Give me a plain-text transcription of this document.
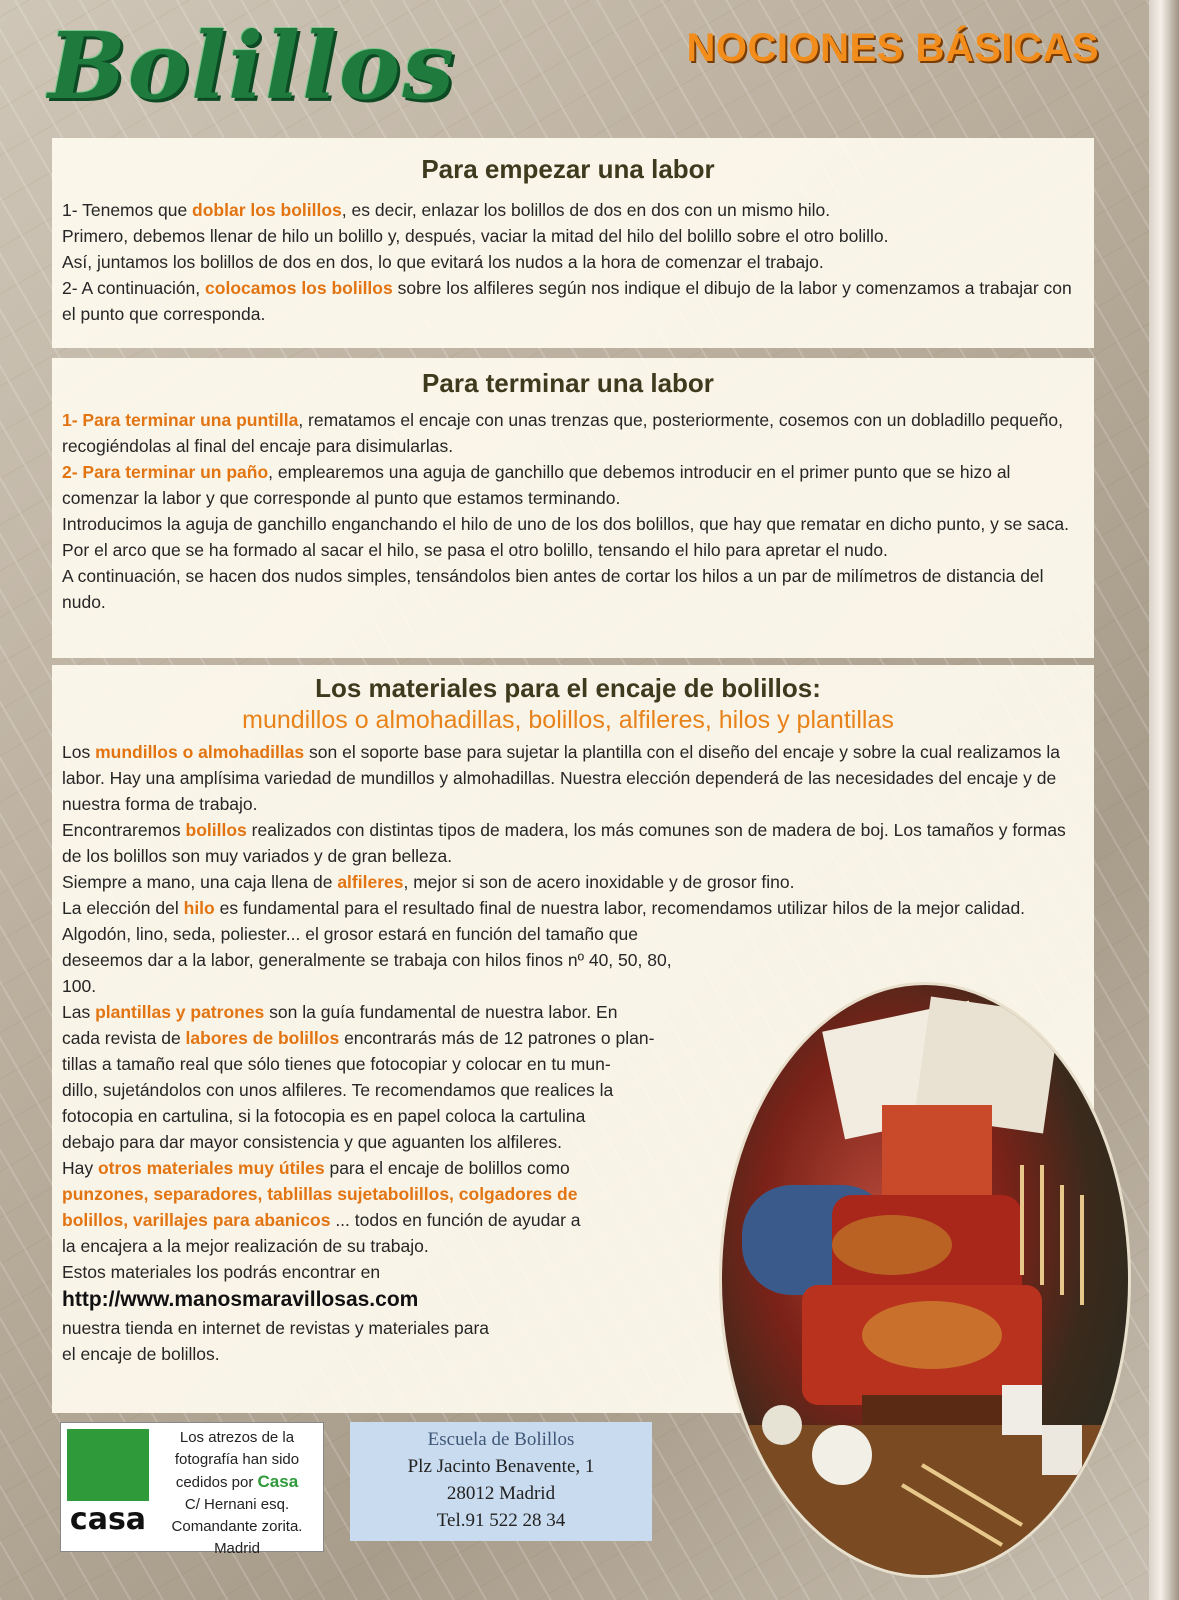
Bolillos	NOCIONES BÁSICAS
Para empezar una labor

1- Tenemos que doblar los bolillos, es decir, enlazar los bolillos de dos en dos con un mismo hilo.

Primero, debemos llenar de hilo un bolillo y, después, vaciar la mitad del hilo del bolillo sobre el otro bolillo.

Así, juntamos los bolillos de dos en dos, lo que evitará los nudos a la hora de comenzar el trabajo.

2- A continuación, colocamos los bolillos sobre los alfileres según nos indique el dibujo de la labor y comenzamos a trabajar con el punto que corresponda.

Para terminar una labor

1- Para terminar una puntilla, rematamos el encaje con unas trenzas que, posteriormente, cosemos con un dobladillo pequeño, recogiéndolas al final del encaje para disimularlas.

2- Para terminar un paño, emplearemos una aguja de ganchillo que debemos introducir en el primer punto que se hizo al comenzar la labor y que corresponde al punto que estamos terminando.

Introducimos la aguja de ganchillo enganchando el hilo de uno de los dos bolillos, que hay que rematar en dicho punto, y se saca. Por el arco que se ha formado al sacar el hilo, se pasa el otro bolillo, tensando el hilo para apretar el nudo.

A continuación, se hacen dos nudos simples, tensándolos bien antes de cortar los hilos a un par de milímetros de distancia del nudo.

Los materiales para el encaje de bolillos:
mundillos o almohadillas, bolillos, alfileres, hilos y plantillas

Los mundillos o almohadillas son el soporte base para sujetar la plantilla con el diseño del encaje y sobre la cual realizamos la labor. Hay una amplísima variedad de mundillos y almohadillas. Nuestra elección dependerá de las necesidades del encaje y de nuestra forma de trabajo.

Encontraremos bolillos realizados con distintas tipos de madera, los más comunes son de madera de boj. Los tamaños y formas de los bolillos son muy variados y de gran belleza.

Siempre a mano, una caja llena de alfileres, mejor si son de acero inoxidable y de grosor fino.

La elección del hilo es fundamental para el resultado final de nuestra labor, recomendamos utilizar hilos de la mejor calidad. Algodón, lino, seda, poliester... el grosor estará en función del tamaño que

deseemos dar a la labor, generalmente se trabaja con hilos finos nº 40, 50, 80,

100.

Las plantillas y patrones son la guía fundamental de nuestra labor. En

cada revista de labores de bolillos encontrarás más de 12 patrones o plan-

tillas a tamaño real que sólo tienes que fotocopiar y colocar en tu mun-

dillo, sujetándolos con unos alfileres. Te recomendamos que realices la

fotocopia en cartulina, si la fotocopia es en papel coloca la cartulina

debajo para dar mayor consistencia y que aguanten los alfileres.

Hay otros materiales muy útiles para el encaje de bolillos como

punzones, separadores, tablillas sujetabolillos, colgadores de

bolillos, varillajes para abanicos ... todos en función de ayudar a

la encajera a la mejor realización de su trabajo.

Estos materiales los podrás encontrar en

http://www.manosmaravillosas.com

nuestra tienda en internet de revistas y materiales para

el encaje de bolillos.

casa
Los atrezos de la
fotografía han sido
cedidos por Casa
C/ Hernani esq.
Comandante zorita.
Madrid
Escuela de Bolillos
Plz Jacinto Benavente, 1
28012 Madrid
Tel.91 522 28 34
